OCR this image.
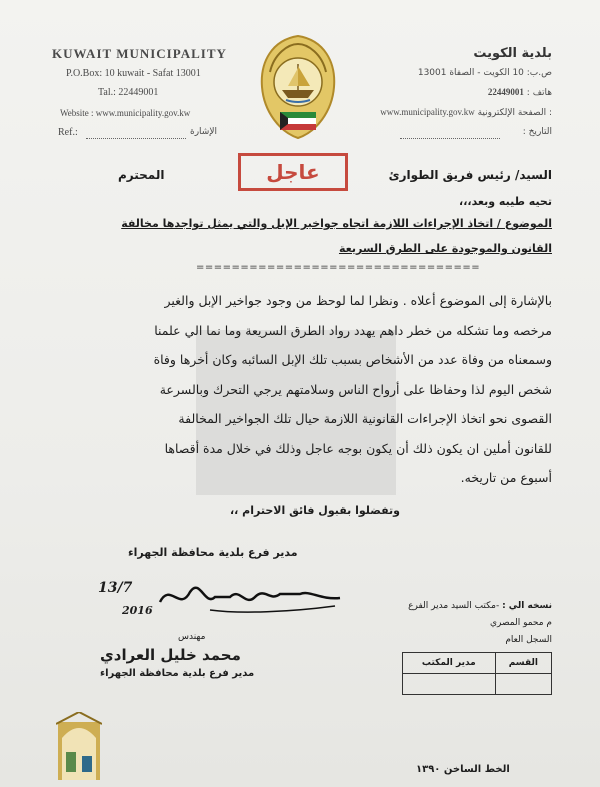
KUWAIT MUNICIPALITY
P.O.Box: 10 kuwait - Safat 13001
Tal.: 22449001
Website : www.municipality.gov.kw
Ref.:	الإشارة
بلدية الكويت
ص.ب: 10 الكويت - الصفاة 13001
هاتف : 22449001
www.municipality.gov.kw الصفحة الإلكترونية :
التاريخ :
عاجل	السيد/ رئيس فريق الطوارئ
المحترم
تحيه طيبه وبعد،،،
الموضوع / اتخاذ الإجراءات اللازمة اتجاه جواخير الإبل والتي يمثل تواجدها مخالفة
القانون والموجودة على الطرق السريعة
================================
بالإشارة إلى الموضوع أعلاه . ونظرا لما لوحظ من وجود جواخير الإبل والغير
مرخصه وما تشكله من خطر داهم يهدد رواد الطرق السريعة وما نما الي علمنا
وسمعناه من وفاة عدد من الأشخاص بسبب تلك الإبل السائبه وكان أخرها وفاة
شخص اليوم لذا وحفاظا على أرواح الناس وسلامتهم يرجي التحرك وبالسرعة
القصوى نحو اتخاذ الإجراءات القانونية اللازمة حيال تلك الجواخير المخالفة
للقانون أملين ان يكون ذلك أن يكون بوجه عاجل وذلك في خلال مدة أقصاها
أسبوع من تاريخه.
وتفضلوا بقبول فائق الاحترام ،،
مدير فرع بلدية محافظة الجهراء
13/7
2016
مهندس
محمد خليل العرادي
مدير فرع بلدية محافظة الجهراء
نسخه الي : -مكتب السيد مدير الفرع
م محمو المصري
السجل العام
القسم	مدير المكتب

الخط الساخن ١٣٩٠
